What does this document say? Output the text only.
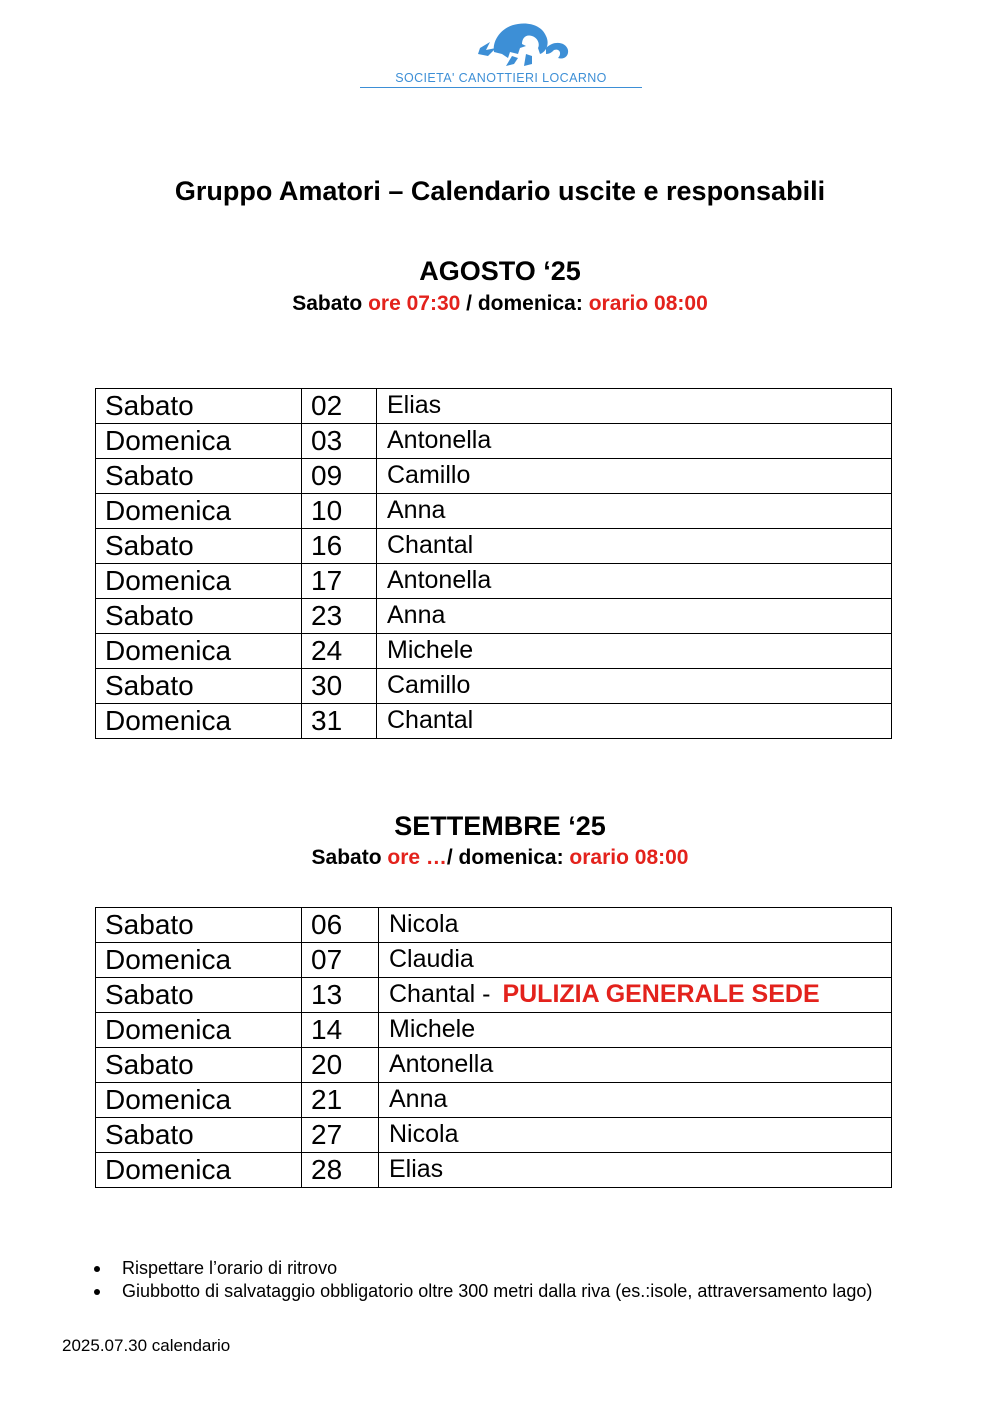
SOCIETA' CANOTTIERI LOCARNO
Gruppo Amatori – Calendario uscite e responsabili
AGOSTO ‘25
Sabato ore 07:30 / domenica: orario 08:00
Sabato	02	Elias
Domenica	03	Antonella
Sabato	09	Camillo
Domenica	10	Anna
Sabato	16	Chantal
Domenica	17	Antonella
Sabato	23	Anna
Domenica	24	Michele
Sabato	30	Camillo
Domenica	31	Chantal
SETTEMBRE ‘25
Sabato ore …/ domenica: orario 08:00
Sabato	06	Nicola
Domenica	07	Claudia
Sabato	13	Chantal - PULIZIA GENERALE SEDE
Domenica	14	Michele
Sabato	20	Antonella
Domenica	21	Anna
Sabato	27	Nicola
Domenica	28	Elias
Rispettare l’orario di ritrovo
Giubbotto di salvataggio obbligatorio oltre 300 metri dalla riva (es.:isole, attraversamento lago)
2025.07.30 calendario
